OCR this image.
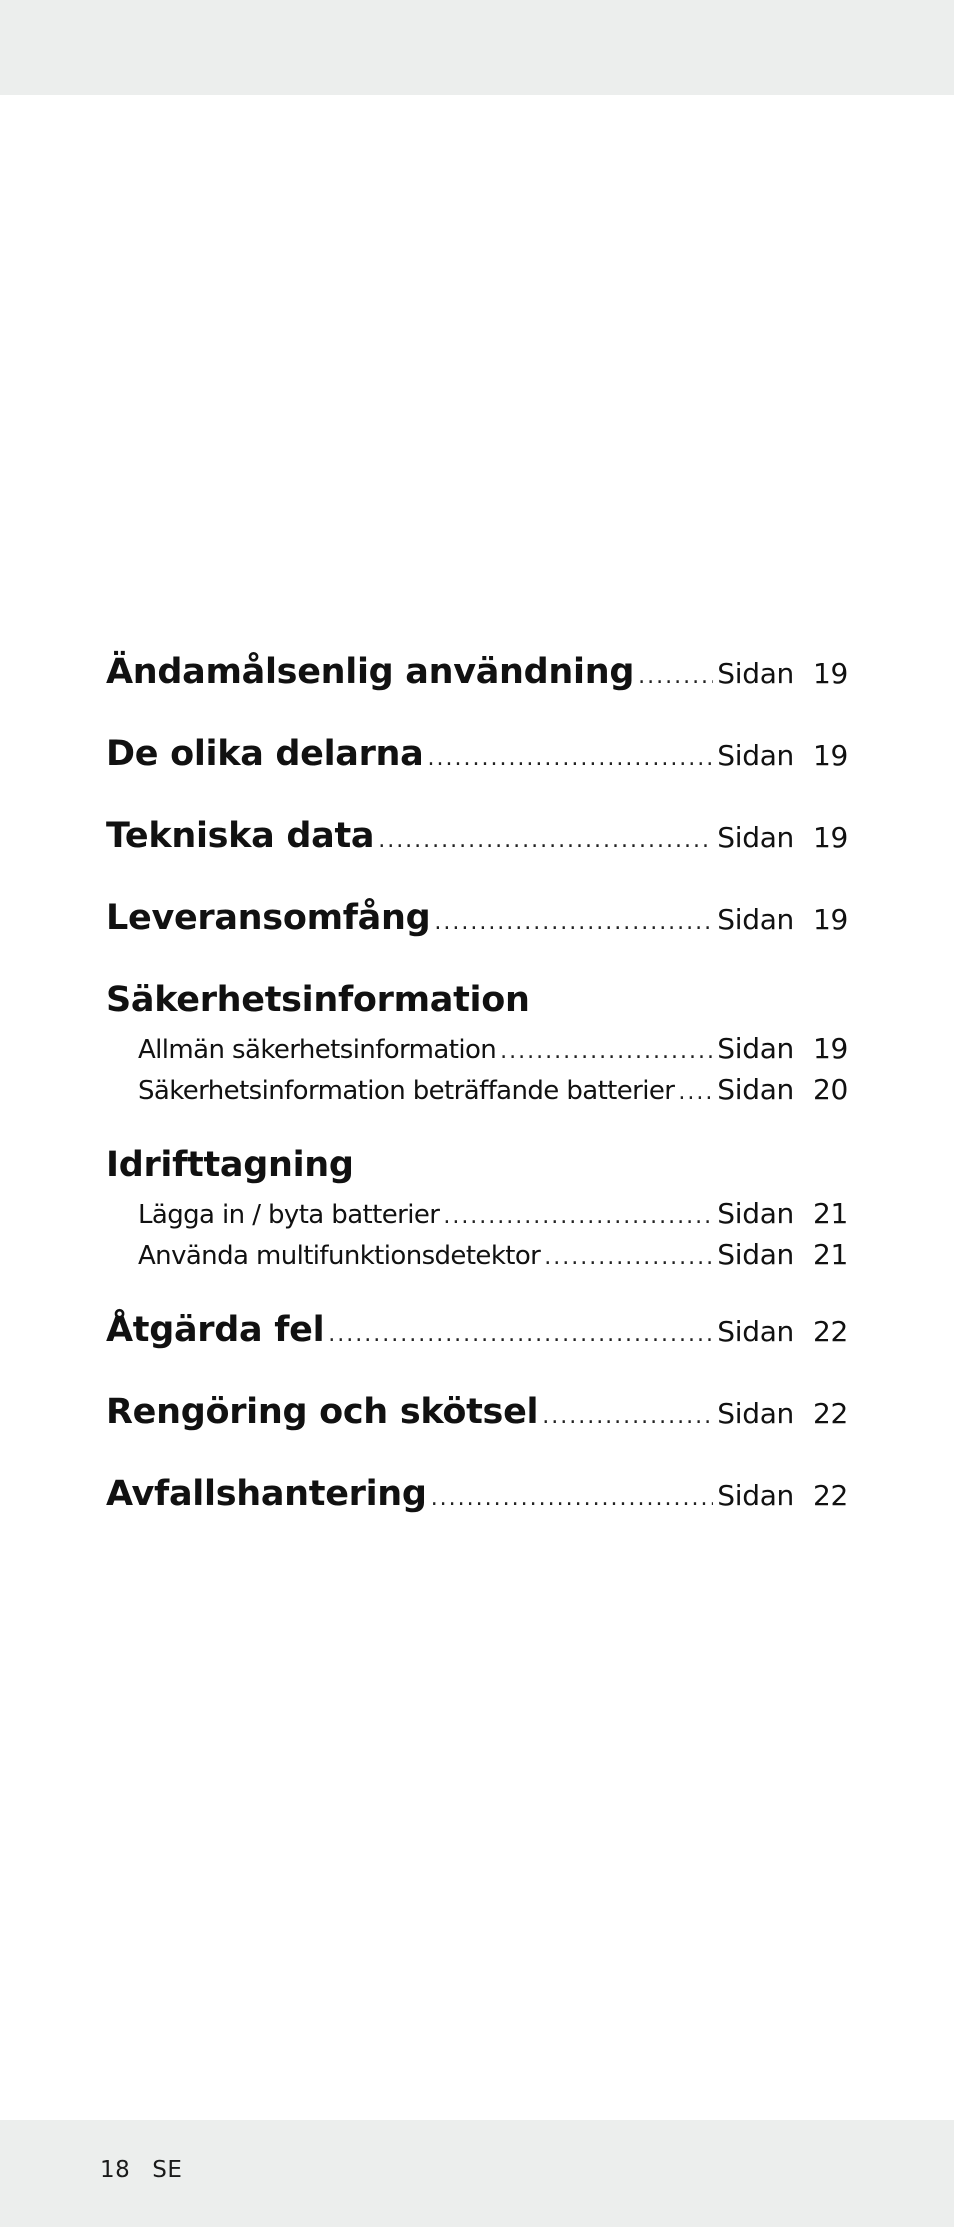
Ändamålsenlig användning .....	Sidan 19
De olika delarna .....	Sidan 19
Tekniska data .....	Sidan 19
Leveransomfång .....	Sidan 19
Säkerhetsinformation
Allmän säkerhetsinformation .....	Sidan 19
Säkerhetsinformation beträffande batterier ..... Sidan 20
Idrifttagning
Lägga in / byta batterier .....	Sidan 21
Använda multifunktionsdetektor .....	Sidan 21
Åtgärda fel .....	Sidan 22
Rengöring och skötsel .....	Sidan 22
Avfallshantering .....	Sidan 22
18 SE
